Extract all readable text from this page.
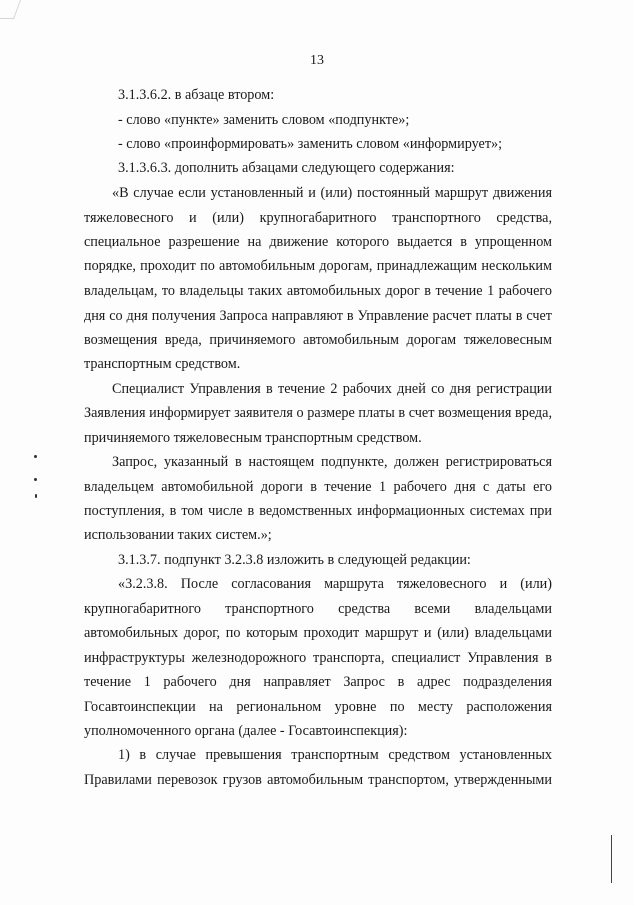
13
3.1.3.6.2. в абзаце втором:
- слово «пункте» заменить словом «подпункте»;
- слово «проинформировать» заменить словом «информирует»;
3.1.3.6.3. дополнить абзацами следующего содержания:
«В случае если установленный и (или) постоянный маршрут движения
тяжеловесного и (или) крупногабаритного транспортного средства,
специальное разрешение на движение которого выдается в упрощенном
порядке, проходит по автомобильным дорогам, принадлежащим нескольким
владельцам, то владельцы таких автомобильных дорог в течение 1 рабочего
дня со дня получения Запроса направляют в Управление расчет платы в счет
возмещения вреда, причиняемого автомобильным дорогам тяжеловесным
транспортным средством.
Специалист Управления в течение 2 рабочих дней со дня регистрации
Заявления информирует заявителя о размере платы в счет возмещения вреда,
причиняемого тяжеловесным транспортным средством.
Запрос, указанный в настоящем подпункте, должен регистрироваться
владельцем автомобильной дороги в течение 1 рабочего дня с даты его
поступления, в том числе в ведомственных информационных системах при
использовании таких систем.»;
3.1.3.7. подпункт 3.2.3.8 изложить в следующей редакции:
«3.2.3.8. После согласования маршрута тяжеловесного и (или)
крупногабаритного транспортного средства всеми владельцами
автомобильных дорог, по которым проходит маршрут и (или) владельцами
инфраструктуры железнодорожного транспорта, специалист Управления в
течение 1 рабочего дня направляет Запрос в адрес подразделения
Госавтоинспекции на региональном уровне по месту расположения
уполномоченного органа (далее - Госавтоинспекция):
1) в случае превышения транспортным средством установленных
Правилами перевозок грузов автомобильным транспортом, утвержденными
